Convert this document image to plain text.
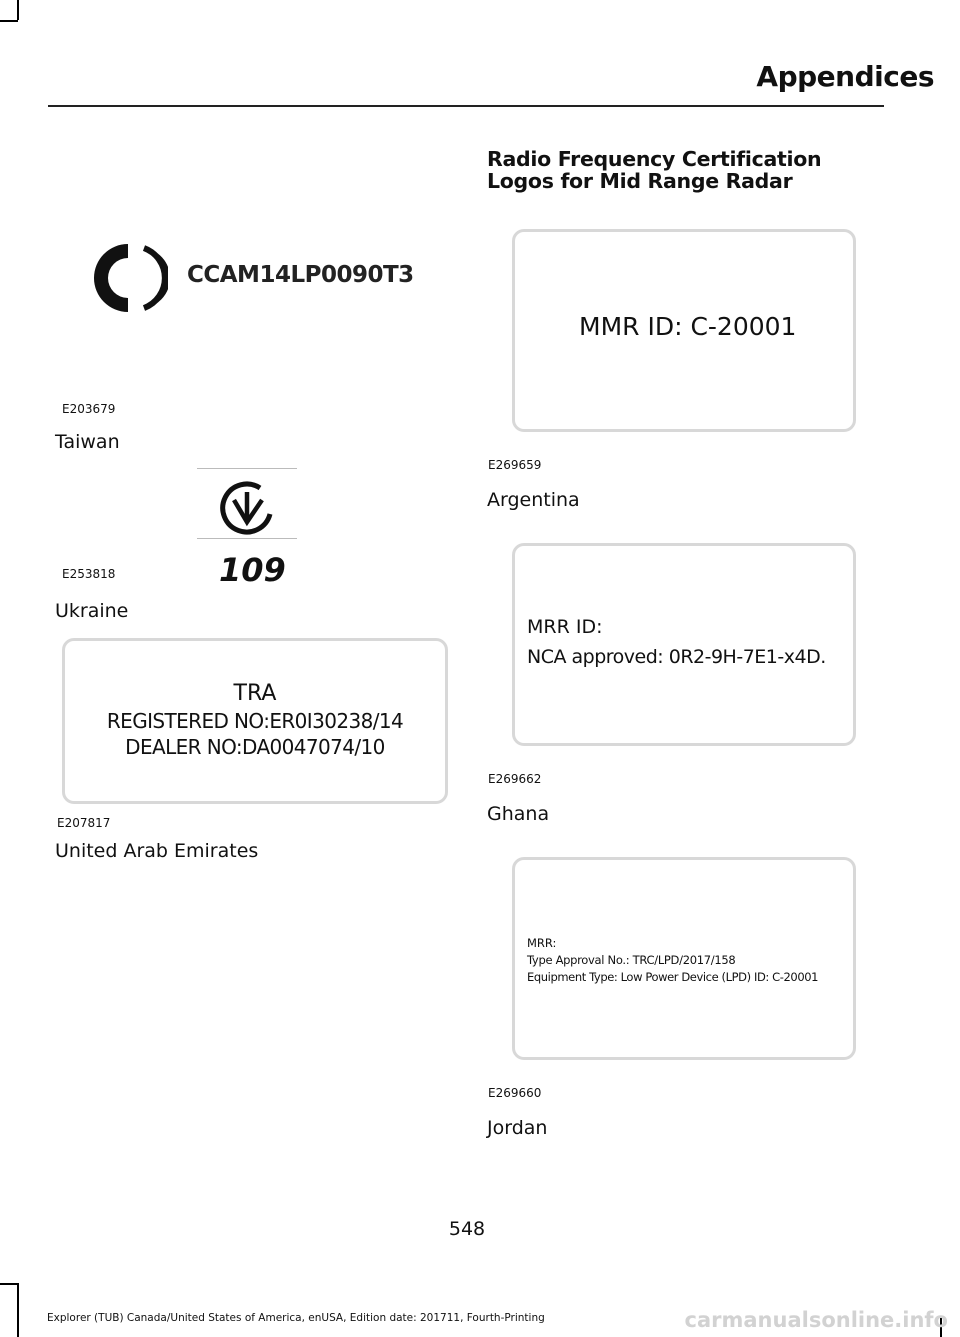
Appendices
CCAM14LP0090T3
E203679
Taiwan
109
E253818
Ukraine
TRA
REGISTERED NO:ER0I30238/14
DEALER NO:DA0047074/10
E207817
United Arab Emirates
Radio Frequency Certification Logos for Mid Range Radar
MMR ID: C-20001
E269659
Argentina
MRR ID:
NCA approved: 0R2-9H-7E1-x4D.
E269662
Ghana
MRR:
Type Approval No.: TRC/LPD/2017/158
Equipment Type: Low Power Device (LPD) ID: C-20001
E269660
Jordan
548
Explorer (TUB) Canada/United States of America, enUSA, Edition date: 201711, Fourth-Printing	carmanualsonline.info
